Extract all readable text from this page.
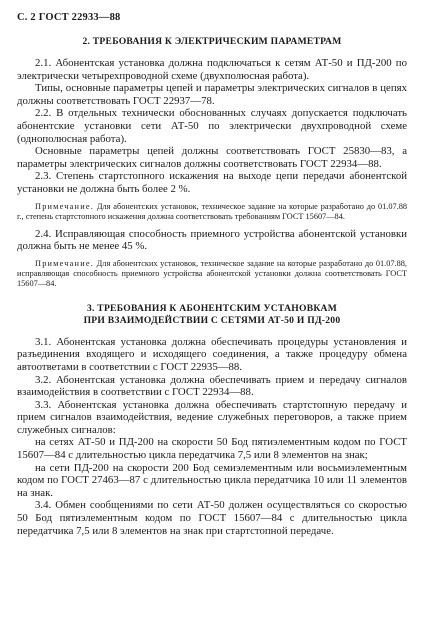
С. 2 ГОСТ 22933—88
2. ТРЕБОВАНИЯ К ЭЛЕКТРИЧЕСКИМ ПАРАМЕТРАМ

2.1. Абонентская установка должна подключаться к сетям АТ-50 и ПД-200 по электрически четырехпроводной схеме (двухполюсная работа).

Типы, основные параметры цепей и параметры электрических сигналов в цепях должны соответствовать ГОСТ 22937—78.

2.2. В отдельных технически обоснованных случаях допускается подключать абонентские установки сети АТ-50 по электрически двухпроводной схеме (однополюсная работа).

Основные параметры цепей должны соответствовать ГОСТ 25830—83, а параметры электрических сигналов должны соответствовать ГОСТ 22934—88.

2.3. Степень стартстопного искажения на выходе цепи передачи абонентской установки не должна быть более 2 %.

Примечание. Для абонентских установок, техническое задание на которые разработано до 01.07.88 г., степень стартстопного искажения должна соответствовать требованиям ГОСТ 15607—84.

2.4. Исправляющая способность приемного устройства абонентской установки должна быть не менее 45 %.

Примечание. Для абонентских установок, техническое задание на которые разработано до 01.07.88, исправляющая способность приемного устройства абонентской установки должна соответствовать ГОСТ 15607—84.

3. ТРЕБОВАНИЯ К АБОНЕНТСКИМ УСТАНОВКАМ
ПРИ ВЗАИМОДЕЙСТВИИ С СЕТЯМИ АТ-50 И ПД-200

3.1. Абонентская установка должна обеспечивать процедуры установления и разъединения входящего и исходящего соединения, а также процедуру обмена автоответами в соответствии с ГОСТ 22935—88.

3.2. Абонентская установка должна обеспечивать прием и передачу сигналов взаимодействия в соответствии с ГОСТ 22934—88.

3.3. Абонентская установка должна обеспечивать стартстопную передачу и прием сигналов взаимодействия, ведение служебных переговоров, а также прием служебных сигналов:

на сетях АТ-50 и ПД-200 на скорости 50 Бод пятиэлементным кодом по ГОСТ 15607—84 с длительностью цикла передатчика 7,5 или 8 элементов на знак;

на сети ПД-200 на скорости 200 Бод семиэлементным или восьмиэлементным кодом по ГОСТ 27463—87 с длительностью цикла передатчика 10 или 11 элементов на знак.

3.4. Обмен сообщениями по сети АТ-50 должен осуществляться со скоростью 50 Бод пятиэлементным кодом по ГОСТ 15607—84 с длительностью цикла передатчика 7,5 или 8 элементов на знак при стартстопной передаче.
